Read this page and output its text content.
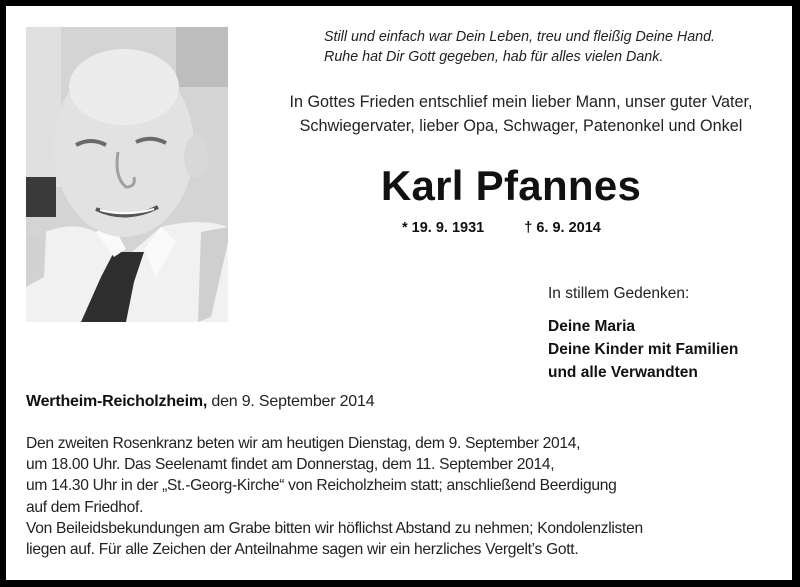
Still und einfach war Dein Leben, treu und fleißig Deine Hand.
Ruhe hat Dir Gott gegeben, hab für alles vielen Dank.
In Gottes Frieden entschlief mein lieber Mann, unser guter Vater,
Schwiegervater, lieber Opa, Schwager, Patenonkel und Onkel
Karl Pfannes
* 19. 9. 1931	† 6. 9. 2014
In stillem Gedenken:
Deine Maria
Deine Kinder mit Familien
und alle Verwandten
Wertheim-Reicholzheim, den 9. September 2014
Den zweiten Rosenkranz beten wir am heutigen Dienstag, dem 9. September 2014,
um 18.00 Uhr. Das Seelenamt findet am Donnerstag, dem 11. September 2014,
um 14.30 Uhr in der „St.-Georg-Kirche“ von Reicholzheim statt; anschließend Beerdigung
auf dem Friedhof.
Von Beileidsbekundungen am Grabe bitten wir höflichst Abstand zu nehmen; Kondolenzlisten
liegen auf. Für alle Zeichen der Anteilnahme sagen wir ein herzliches Vergelt’s Gott.
